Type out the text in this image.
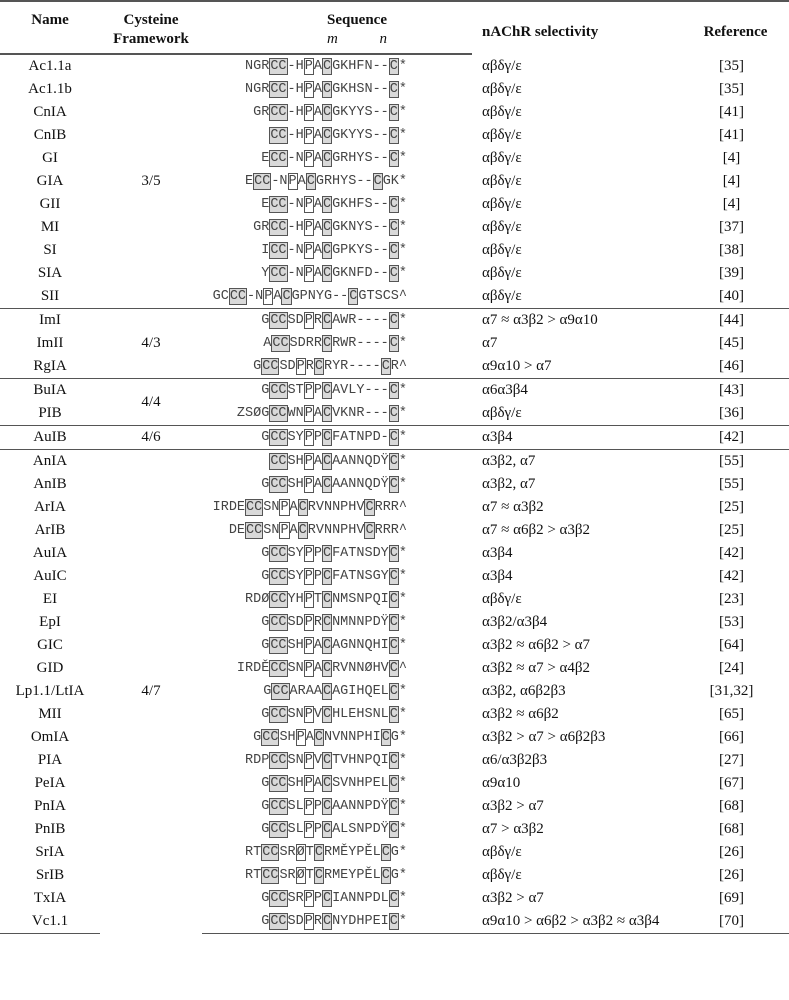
Name	Cysteine	Sequence	nAChR selectivity	Reference
	Framework	m n		
Ac1.1a	3/5	NGRCC-HPACGKHFN--C*	αβδγ/ε	[35]
Ac1.1b		NGRCC-HPACGKHSN--C*	αβδγ/ε	[35]
CnIA		GRCC-HPACGKYYS--C*	αβδγ/ε	[41]
CnIB		CC-HPACGKYYS--C*	αβδγ/ε	[41]
GI		ECC-NPACGRHYS--C*	αβδγ/ε	[4]
GIA		ECC-NPACGRHYS--CGK*	αβδγ/ε	[4]
GII		ECC-NPACGKHFS--C*	αβδγ/ε	[4]
MI		GRCC-HPACGKNYS--C*	αβδγ/ε	[37]
SI		ICC-NPACGPKYS--C*	αβδγ/ε	[38]
SIA		YCC-NPACGKNFD--C*	αβδγ/ε	[39]
SII		GCCC-NPACGPNYG--CGTSCS^	αβδγ/ε	[40]
ImI	4/3	GCCSDPRCAWR----C*	α7 ≈ α3β2 > α9α10	[44]
ImII		ACCSDRRCRWR----C*	α7	[45]
RgIA		GCCSDPRCRYR----CR^	α9α10 > α7	[46]
BuIA	4/4	GCCSTPPCAVLY---C*	α6α3β4	[43]
PIB		ZSØGCCWNPACVKNR---C*	αβδγ/ε	[36]
AuIB	4/6	GCCSYPPCFATNPD-C*	α3β4	[42]
AnIA	4/7	CCSHPACAANNQDŸC*	α3β2, α7	[55]
AnIB		GCCSHPACAANNQDŸC*	α3β2, α7	[55]
ArIA		IRDECCSNPACRVNNPHVCRRR^	α7 ≈ α3β2	[25]
ArIB		DECCSNPACRVNNPHVCRRR^	α7 ≈ α6β2 > α3β2	[25]
AuIA		GCCSYPPCFATNSDYC*	α3β4	[42]
AuIC		GCCSYPPCFATNSGYC*	α3β4	[42]
EI		RDØCCYHPTCNMSNPQIC*	αβδγ/ε	[23]
EpI		GCCSDPRCNMNNPDŸC*	α3β2/α3β4	[53]
GIC		GCCSHPACAGNNQHIC*	α3β2 ≈ α6β2 > α7	[64]
GID		IRDĚCCSNPACRVNNØHVC^	α3β2 ≈ α7 > α4β2	[24]
Lp1.1/LtIA		GCCARAACAGIHQELC*	α3β2, α6β2β3	[31,32]
MII		GCCSNPVCHLEHSNLC*	α3β2 ≈ α6β2	[65]
OmIA		GCCSHPACNVNNPHICG*	α3β2 > α7 > α6β2β3	[66]
PIA		RDPCCSNPVCTVHNPQIC*	α6/α3β2β3	[27]
PeIA		GCCSHPACSVNHPELC*	α9α10	[67]
PnIA		GCCSLPPCAANNPDŸC*	α3β2 > α7	[68]
PnIB		GCCSLPPCALSNPDŸC*	α7 > α3β2	[68]
SrIA		RTCCSRØTCRMĚYPĚLCG*	αβδγ/ε	[26]
SrIB		RTCCSRØTCRMEYPĚLCG*	αβδγ/ε	[26]
TxIA		GCCSRPPCIANNPDLC*	α3β2 > α7	[69]
Vc1.1		GCCSDPRCNYDHPEIC*	α9α10 > α6β2 > α3β2 ≈ α3β4	[70]
